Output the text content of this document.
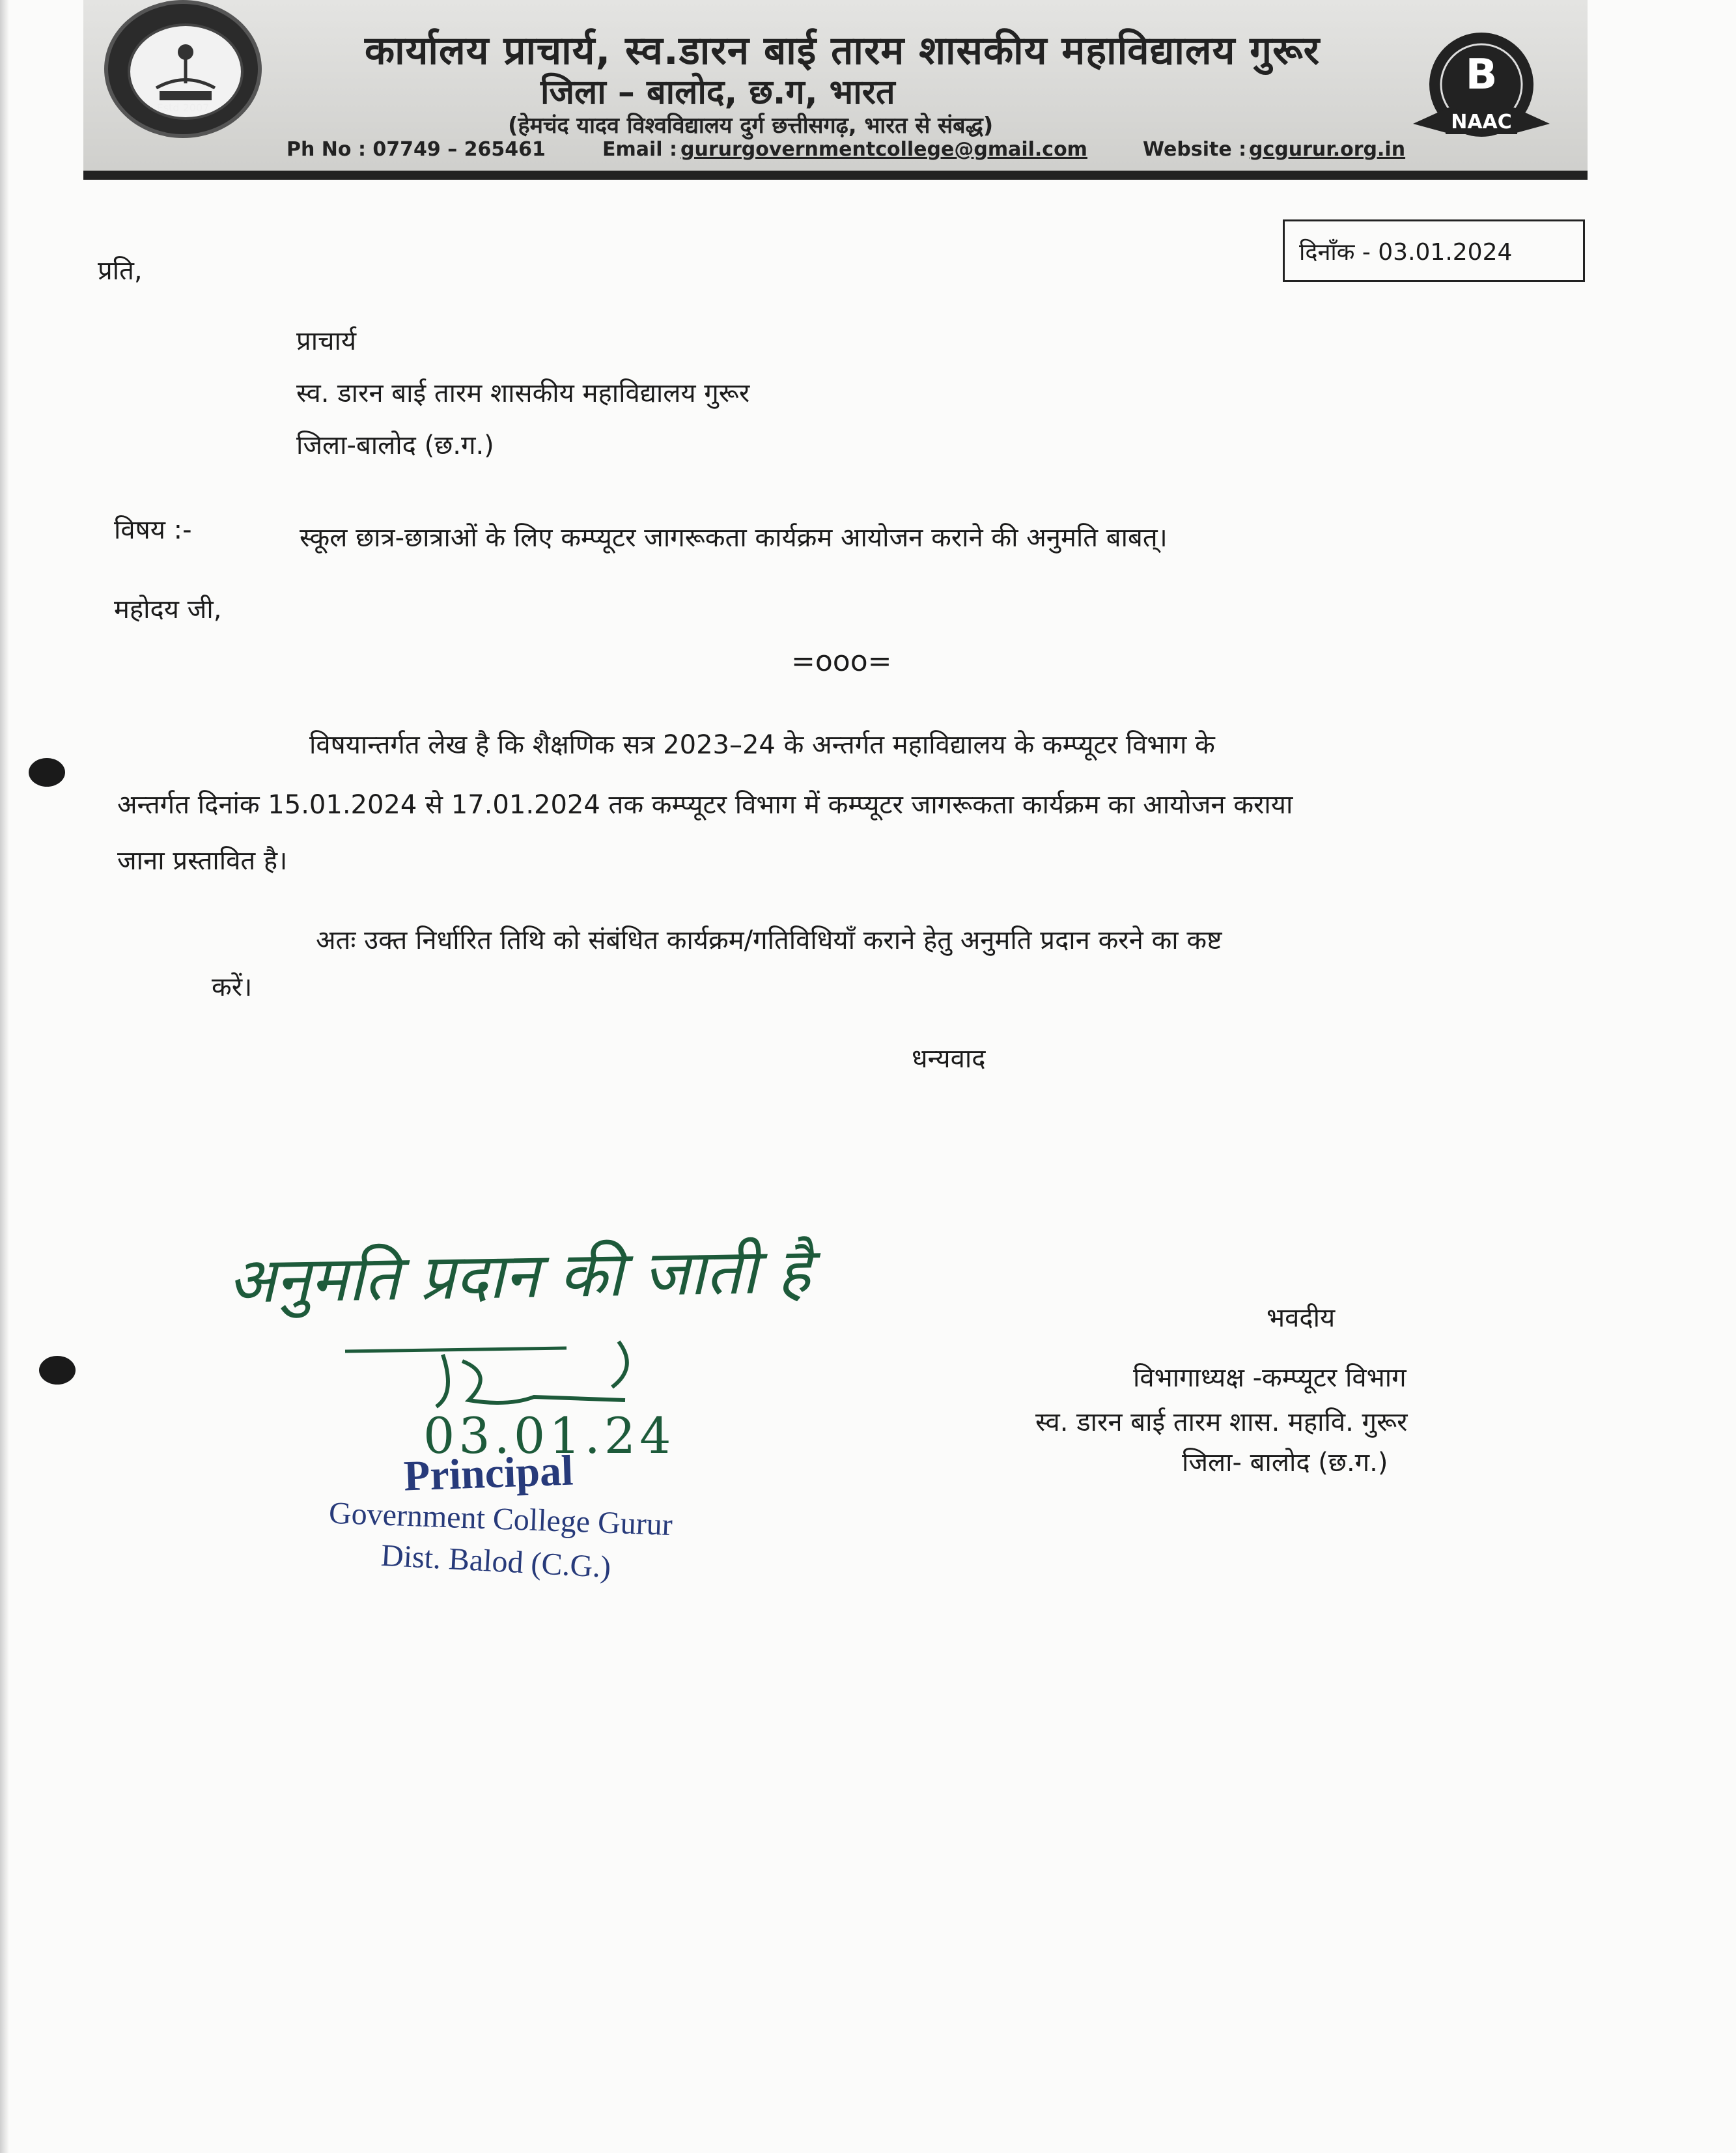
Estd 2007
कार्यालय प्राचार्य, स्व.डारन बाई तारम शासकीय महाविद्यालय गुरूर
जिला – बालोद, छ.ग, भारत
(हेमचंद यादव विश्वविद्यालय दुर्ग छत्तीसगढ़, भारत से संबद्ध)
Ph No : 07749 – 265461	Email : gururgovernmentcollege@gmail.com	Website : gcgurur.org.in
B
NAAC
दिनाँक - 03.01.2024
प्रति,
प्राचार्य
स्व. डारन बाई तारम शासकीय महाविद्यालय गुरूर
जिला-बालोद (छ.ग.)
विषय :-	स्कूल छात्र-छात्राओं के लिए कम्प्यूटर जागरूकता कार्यक्रम आयोजन कराने की अनुमति बाबत्।
महोदय जी,
=ooo=
विषयान्तर्गत लेख है कि शैक्षणिक सत्र 2023–24 के अन्तर्गत महाविद्यालय के कम्प्यूटर विभाग के
अन्तर्गत दिनांक 15.01.2024 से 17.01.2024 तक कम्प्यूटर विभाग में कम्प्यूटर जागरूकता कार्यक्रम का आयोजन कराया
जाना प्रस्तावित है।
अतः उक्त निर्धारित तिथि को संबंधित कार्यक्रम/गतिविधियाँ कराने हेतु अनुमति प्रदान करने का कष्ट
करें।
धन्यवाद
अनुमति प्रदान की जाती है
03.01.24
Principal
Government College Gurur
Dist. Balod (C.G.)
भवदीय
विभागाध्यक्ष -कम्प्यूटर विभाग
स्व. डारन बाई तारम शास. महावि. गुरूर
जिला- बालोद (छ.ग.)
